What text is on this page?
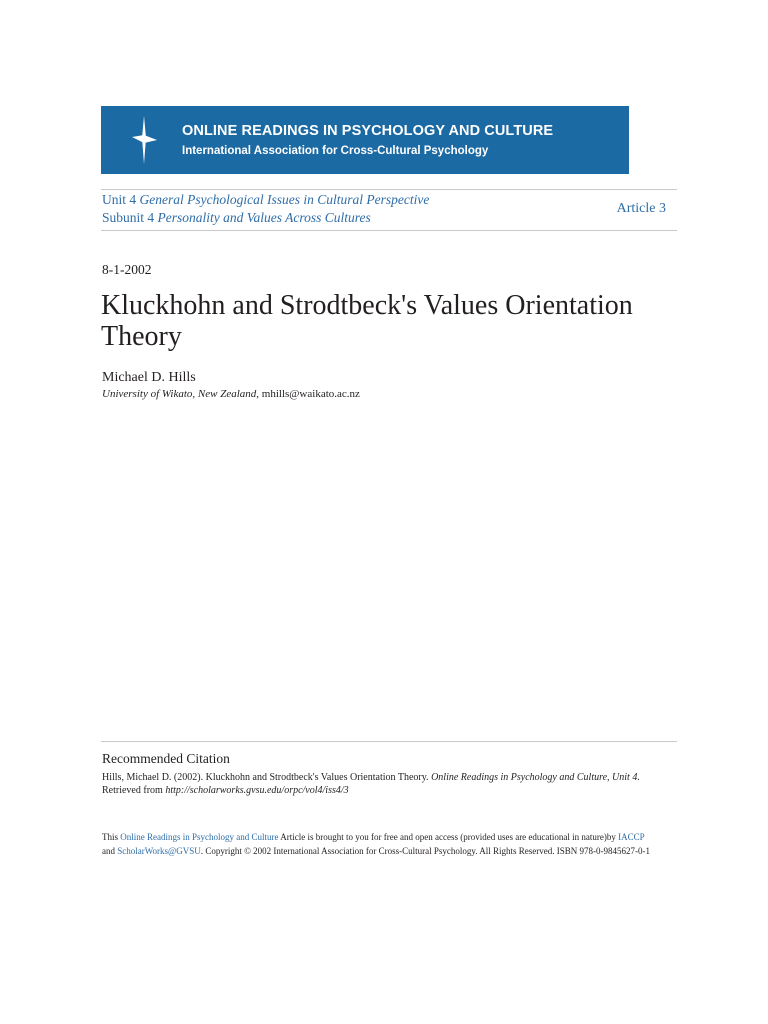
ONLINE READINGS IN PSYCHOLOGY AND CULTURE
International Association for Cross-Cultural Psychology
Unit 4 General Psychological Issues in Cultural Perspective
Subunit 4 Personality and Values Across Cultures
Article 3
8-1-2002
Kluckhohn and Strodtbeck's Values Orientation Theory
Michael D. Hills
University of Wikato, New Zealand, mhills@waikato.ac.nz
Recommended Citation
Hills, Michael D. (2002). Kluckhohn and Strodtbeck's Values Orientation Theory. Online Readings in Psychology and Culture, Unit 4.
Retrieved from http://scholarworks.gvsu.edu/orpc/vol4/iss4/3
This Online Readings in Psychology and Culture Article is brought to you for free and open access (provided uses are educational in nature)by IACCP
and ScholarWorks@GVSU. Copyright © 2002 International Association for Cross-Cultural Psychology. All Rights Reserved. ISBN 978-0-9845627-0-1
